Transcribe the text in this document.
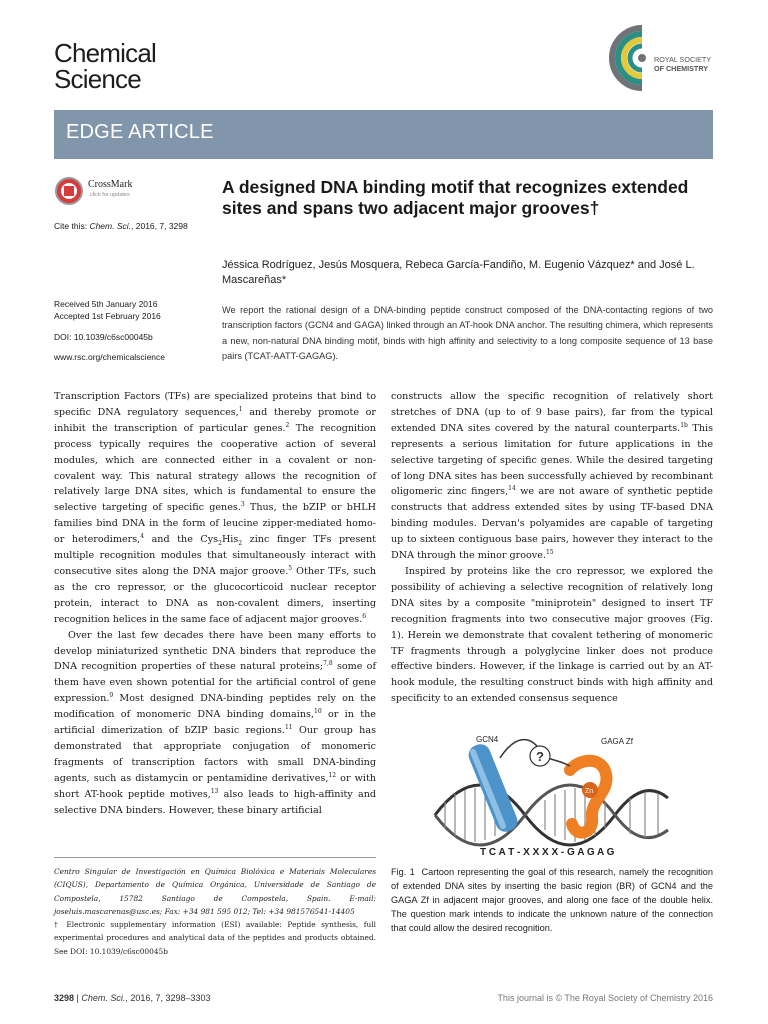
Chemical
Science
ROYAL SOCIETY
OF CHEMISTRY
EDGE ARTICLE
CrossMark
click for updates
Cite this: Chem. Sci., 2016, 7, 3298
Received 5th January 2016
Accepted 1st February 2016
DOI: 10.1039/c6sc00045b
www.rsc.org/chemicalscience
A designed DNA binding motif that recognizes extended sites and spans two adjacent major grooves†
Jéssica Rodríguez, Jesús Mosquera, Rebeca García-Fandiño, M. Eugenio Vázquez* and José L. Mascareñas*
We report the rational design of a DNA-binding peptide construct composed of the DNA-contacting regions of two transcription factors (GCN4 and GAGA) linked through an AT-hook DNA anchor. The resulting chimera, which represents a new, non-natural DNA binding motif, binds with high affinity and selectivity to a long composite sequence of 13 base pairs (TCAT-AATT-GAGAG).

Transcription Factors (TFs) are specialized proteins that bind to specific DNA regulatory sequences,$^1$ and thereby promote or inhibit the transcription of particular genes.$^2$ The recognition process typically requires the cooperative action of several modules, which are connected either in a covalent or non-covalent way. This natural strategy allows the recognition of relatively large DNA sites, which is fundamental to ensure the selective targeting of specific genes.$^3$ Thus, the bZIP or bHLH families bind DNA in the form of leucine zipper-mediated homo- or heterodimers,$^4$ and the Cys$_2$His$_2$ zinc finger TFs present multiple recognition modules that simultaneously interact with consecutive sites along the DNA major groove.$^5$ Other TFs, such as the cro repressor, or the glucocorticoid nuclear receptor protein, interact to DNA as non-covalent dimers, inserting recognition helices in the same face of adjacent major grooves.$^6$

Over the last few decades there have been many efforts to develop miniaturized synthetic DNA binders that reproduce the DNA recognition properties of these natural proteins;$^{7,8}$ some of them have even shown potential for the artificial control of gene expression.$^9$ Most designed DNA-binding peptides rely on the modification of monomeric DNA binding domains,$^{10}$ or in the artificial dimerization of bZIP basic regions.$^{11}$ Our group has demonstrated that appropriate conjugation of monomeric fragments of transcription factors with small DNA-binding agents, such as distamycin or pentamidine derivatives,$^{12}$ or with short AT-hook peptide motives,$^{13}$ also leads to high-affinity and selective DNA binders. However, these binary artificial

constructs allow the specific recognition of relatively short stretches of DNA (up to of 9 base pairs), far from the typical extended DNA sites covered by the natural counterparts.$^{1b}$ This represents a serious limitation for future applications in the selective targeting of specific genes. While the desired targeting of long DNA sites has been successfully achieved by recombinant oligomeric zinc fingers,$^{14}$ we are not aware of synthetic peptide constructs that address extended sites by using TF-based DNA binding modules. Dervan's polyamides are capable of targeting up to sixteen contiguous base pairs, however they interact to the DNA through the minor groove.$^{15}$

Inspired by proteins like the cro repressor, we explored the possibility of achieving a selective recognition of relatively long DNA sites by a composite "miniprotein" designed to insert TF recognition fragments into two consecutive major grooves (Fig. 1). Herein we demonstrate that covalent tethering of monomeric TF fragments through a polyglycine linker does not produce effective binders. However, if the linkage is carried out by an AT-hook module, the resulting construct binds with high affinity and specificity to an extended consensus sequence

Zn
?
GCN4	GAGA Zf
T C A T - X X X X - G A G A G
Centro Singular de Investigación en Química Biolóxica e Materiais Moleculares (CIQUS), Departamento de Química Orgánica, Universidade de Santiago de Compostela, 15782 Santiago de Compostela, Spain. E-mail: joseluis.mascarenas@usc.es; Fax: +34 981 595 012; Tel: +34 981576541-14405
† Electronic supplementary information (ESI) available: Peptide synthesis, full experimental procedures and analytical data of the peptides and products obtained. See DOI: 10.1039/c6sc00045b
Fig. 1 Cartoon representing the goal of this research, namely the recognition of extended DNA sites by inserting the basic region (BR) of GCN4 and the GAGA Zf in adjacent major grooves, and along one face of the double helix. The question mark intends to indicate the unknown nature of the connection that could allow the desired recognition.
3298 | Chem. Sci., 2016, 7, 3298–3303	This journal is © The Royal Society of Chemistry 2016
